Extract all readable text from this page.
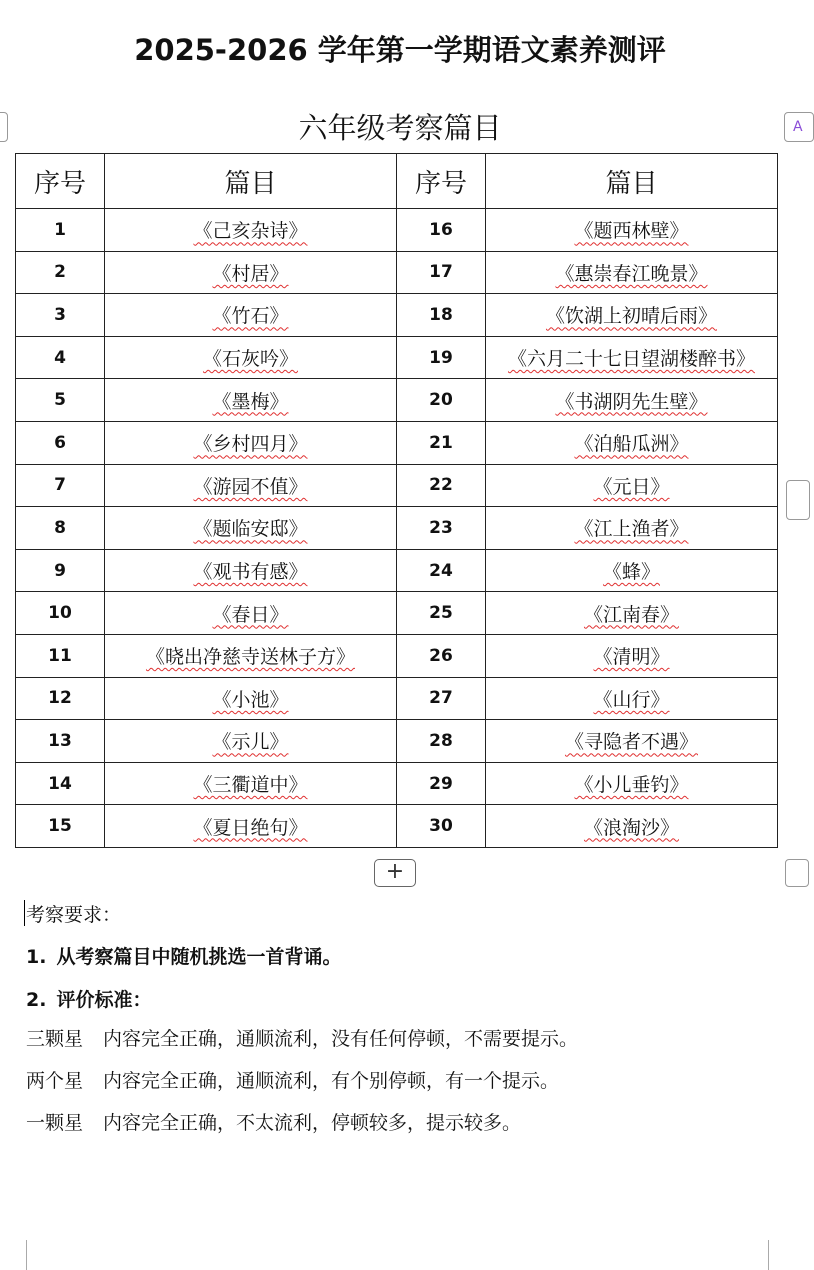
2025-2026 学年第一学期语文素养测评
A
六年级考察篇目
序号	篇目	序号	篇目
1	《己亥杂诗》	16	《题西林壁》
2	《村居》	17	《惠崇春江晚景》
3	《竹石》	18	《饮湖上初晴后雨》
4	《石灰吟》	19	《六月二十七日望湖楼醉书》
5	《墨梅》	20	《书湖阴先生壁》
6	《乡村四月》	21	《泊船瓜洲》
7	《游园不值》	22	《元日》
8	《题临安邸》	23	《江上渔者》
9	《观书有感》	24	《蜂》
10	《春日》	25	《江南春》
11	《晓出净慈寺送林子方》	26	《清明》
12	《小池》	27	《山行》
13	《示儿》	28	《寻隐者不遇》
14	《三衢道中》	29	《小儿垂钓》
15	《夏日绝句》	30	《浪淘沙》
+
考察要求：
1. 从考察篇目中随机挑选一首背诵。
2. 评价标准：
三颗星 内容完全正确，通顺流利，没有任何停顿，不需要提示。
两个星 内容完全正确，通顺流利，有个别停顿，有一个提示。
一颗星 内容完全正确，不太流利，停顿较多，提示较多。
